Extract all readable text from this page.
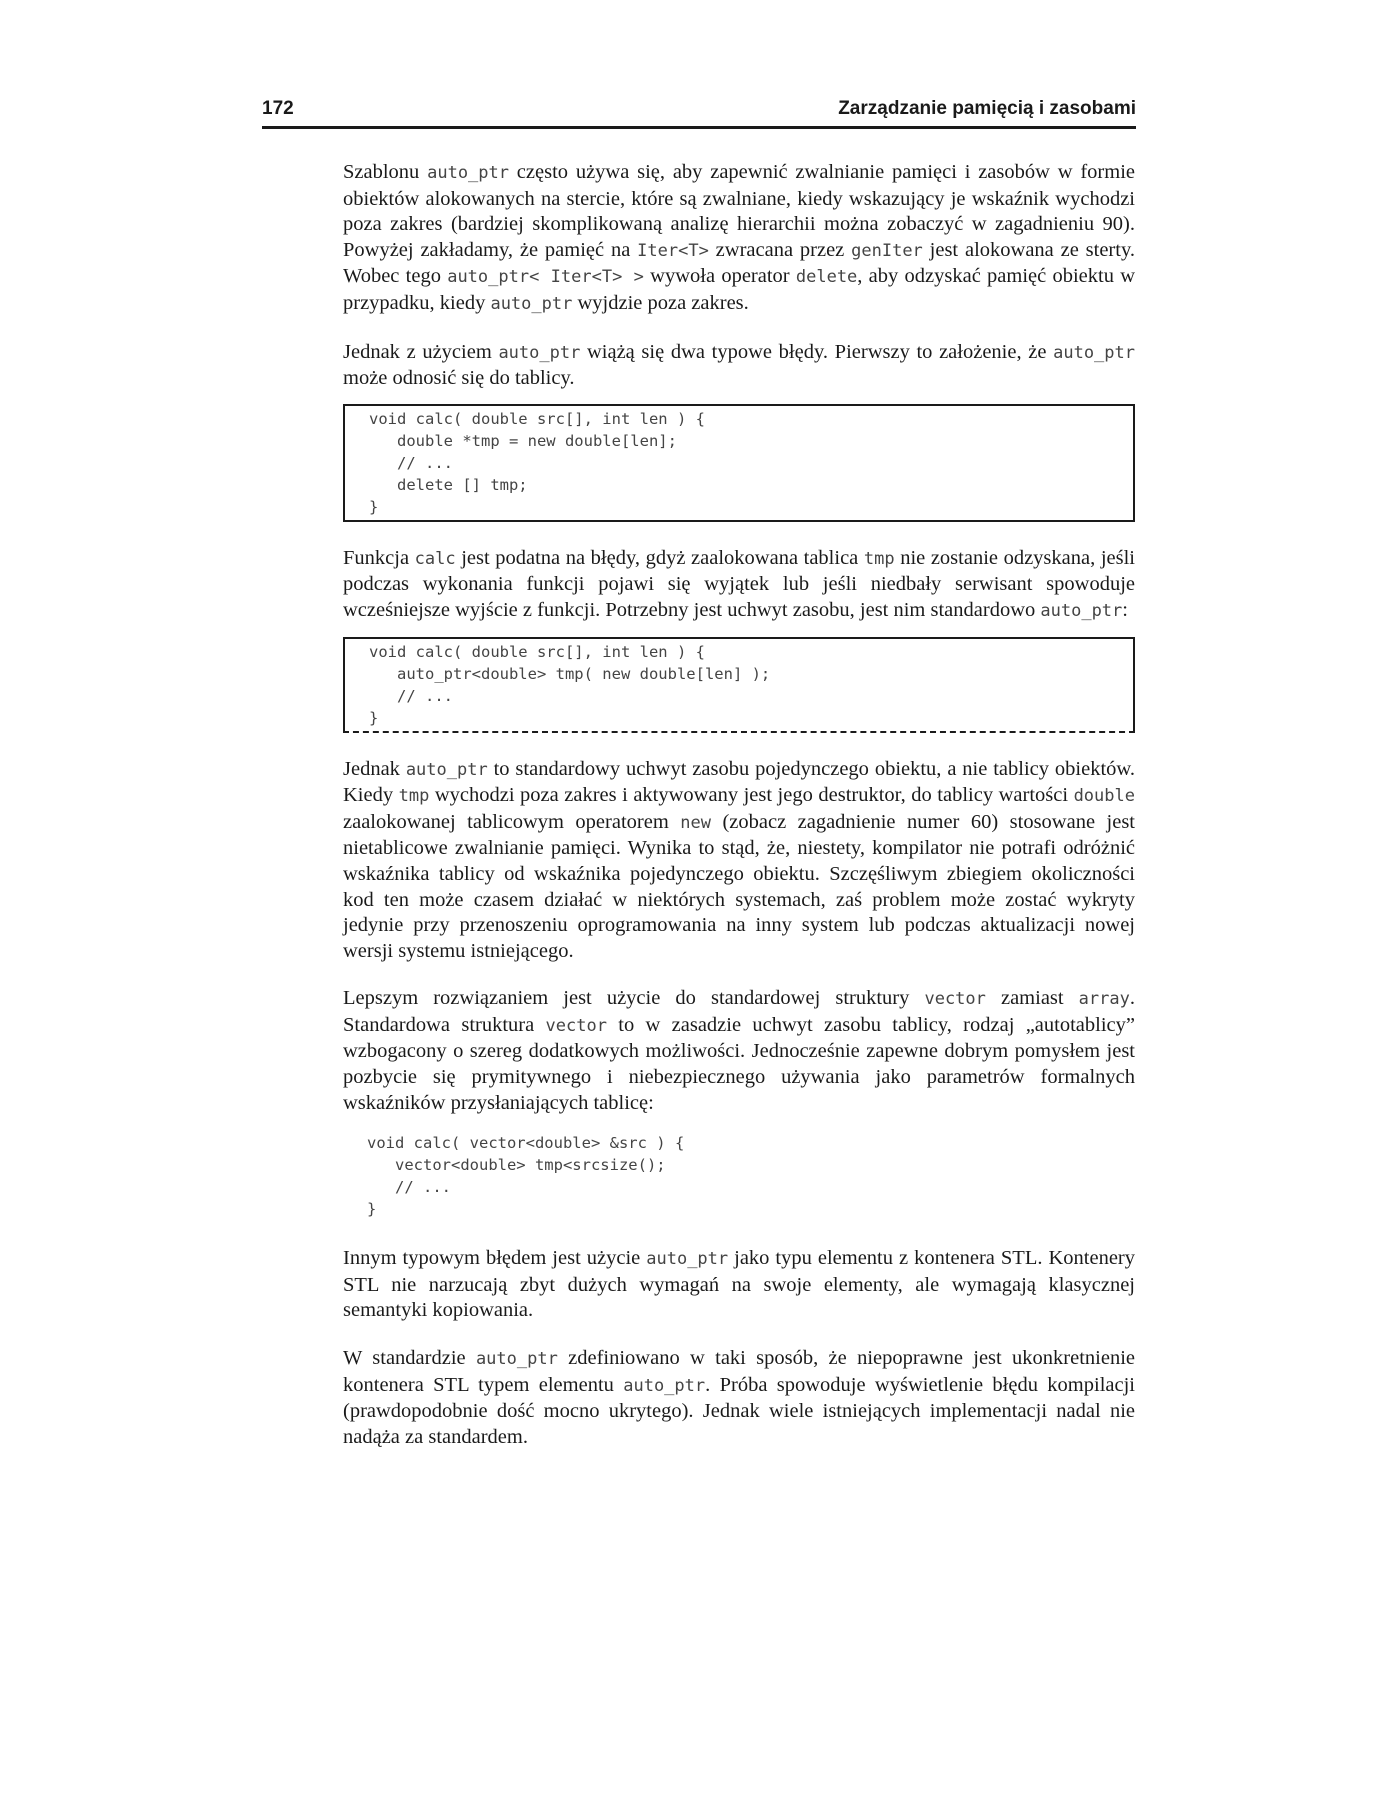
172	Zarządzanie pamięcią i zasobami

Szablonu auto_ptr często używa się, aby zapewnić zwalnianie pamięci i zasobów w formie obiektów alokowanych na stercie, które są zwalniane, kiedy wskazujący je wskaźnik wychodzi poza zakres (bardziej skomplikowaną analizę hierarchii można zobaczyć w zagadnieniu 90). Powyżej zakładamy, że pamięć na Iter<T> zwracana przez genIter jest alokowana ze sterty. Wobec tego auto_ptr< Iter<T> > wywoła operator delete, aby odzyskać pamięć obiektu w przypadku, kiedy auto_ptr wyjdzie poza zakres.

Jednak z użyciem auto_ptr wiążą się dwa typowe błędy. Pierwszy to założenie, że auto_ptr może odnosić się do tablicy.

void calc( double src[], int len ) {
double *tmp = new double[len];
// ...
delete [] tmp;
}

Funkcja calc jest podatna na błędy, gdyż zaalokowana tablica tmp nie zostanie odzyskana, jeśli podczas wykonania funkcji pojawi się wyjątek lub jeśli niedbały serwisant spowoduje wcześniejsze wyjście z funkcji. Potrzebny jest uchwyt zasobu, jest nim standardowo auto_ptr:

void calc( double src[], int len ) {
auto_ptr<double> tmp( new double[len] );
// ...
}

Jednak auto_ptr to standardowy uchwyt zasobu pojedynczego obiektu, a nie tablicy obiektów. Kiedy tmp wychodzi poza zakres i aktywowany jest jego destruktor, do tablicy wartości double zaalokowanej tablicowym operatorem new (zobacz zagadnienie numer 60) stosowane jest nietablicowe zwalnianie pamięci. Wynika to stąd, że, niestety, kompilator nie potrafi odróżnić wskaźnika tablicy od wskaźnika pojedynczego obiektu. Szczęśliwym zbiegiem okoliczności kod ten może czasem działać w niektórych systemach, zaś problem może zostać wykryty jedynie przy przenoszeniu oprogramowania na inny system lub podczas aktualizacji nowej wersji systemu istniejącego.

Lepszym rozwiązaniem jest użycie do standardowej struktury vector zamiast array. Standardowa struktura vector to w zasadzie uchwyt zasobu tablicy, rodzaj „autotablicy” wzbogacony o szereg dodatkowych możliwości. Jednocześnie zapewne dobrym pomysłem jest pozbycie się prymitywnego i niebezpiecznego używania jako parametrów formalnych wskaźników przysłaniających tablicę:

void calc( vector<double> &src ) {
vector<double> tmp<srcsize();
// ...
}

Innym typowym błędem jest użycie auto_ptr jako typu elementu z kontenera STL. Kontenery STL nie narzucają zbyt dużych wymagań na swoje elementy, ale wymagają klasycznej semantyki kopiowania.

W standardzie auto_ptr zdefiniowano w taki sposób, że niepoprawne jest ukonkretnienie kontenera STL typem elementu auto_ptr. Próba spowoduje wyświetlenie błędu kompilacji (prawdopodobnie dość mocno ukrytego). Jednak wiele istniejących implementacji nadal nie nadąża za standardem.
